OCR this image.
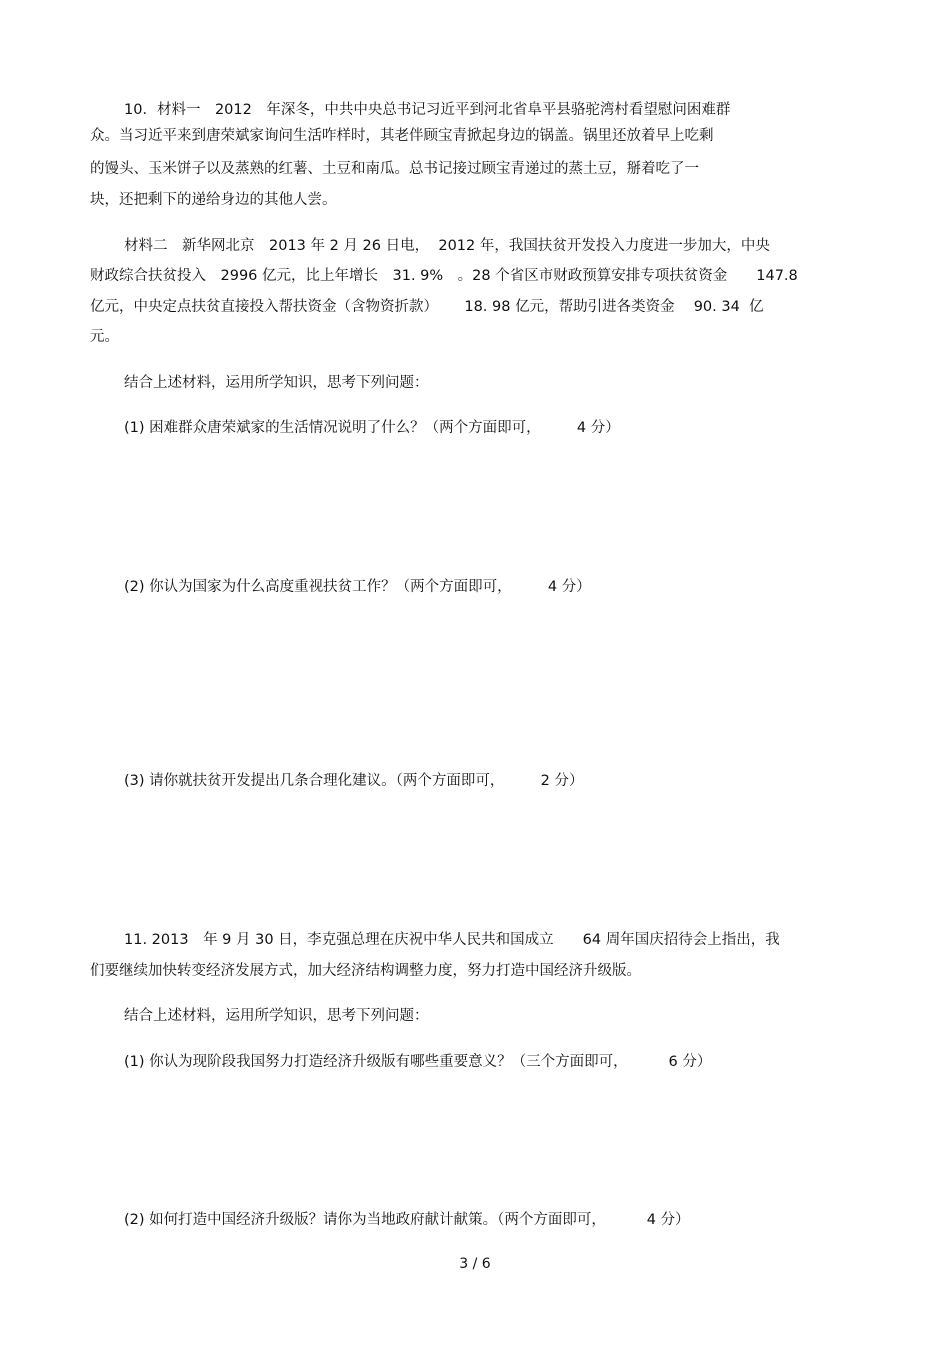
10．材料一　2012　年深冬，中共中央总书记习近平到河北省阜平县骆驼湾村看望慰问困难群
众。当习近平来到唐荣斌家询问生活咋样时，其老伴顾宝青掀起身边的锅盖。锅里还放着早上吃剩
的馒头、玉米饼子以及蒸熟的红薯、土豆和南瓜。总书记接过顾宝青递过的蒸土豆，掰着吃了一
块，还把剩下的递给身边的其他人尝。
材料二　新华网北京　2013 年 2 月 26 日电，  2012 年，我国扶贫开发投入力度进一步加大，中央
财政综合扶贫投入　2996 亿元，比上年增长　31. 9%　。28 个省区市财政预算安排专项扶贫资金　　147.8
亿元，中央定点扶贫直接投入帮扶资金（含物资折款）　　 18. 98 亿元，帮助引进各类资金　 90. 34  亿
元。
结合上述材料，运用所学知识，思考下列问题：
(1) 困难群众唐荣斌家的生活情况说明了什么？（两个方面即可，　　　4 分）
(2) 你认为国家为什么高度重视扶贫工作？（两个方面即可，　　　4 分）
(3) 请你就扶贫开发提出几条合理化建议。（两个方面即可，　　　2 分）
11. 2013　年 9 月 30 日，李克强总理在庆祝中华人民共和国成立　　64 周年国庆招待会上指出，我
们要继续加快转变经济发展方式，加大经济结构调整力度，努力打造中国经济升级版。
结合上述材料，运用所学知识，思考下列问题：
(1) 你认为现阶段我国努力打造经济升级版有哪些重要意义？（三个方面即可，　　　 6 分）
(2) 如何打造中国经济升级版？请你为当地政府献计献策。（两个方面即可，　　　 4 分）
3 / 6
